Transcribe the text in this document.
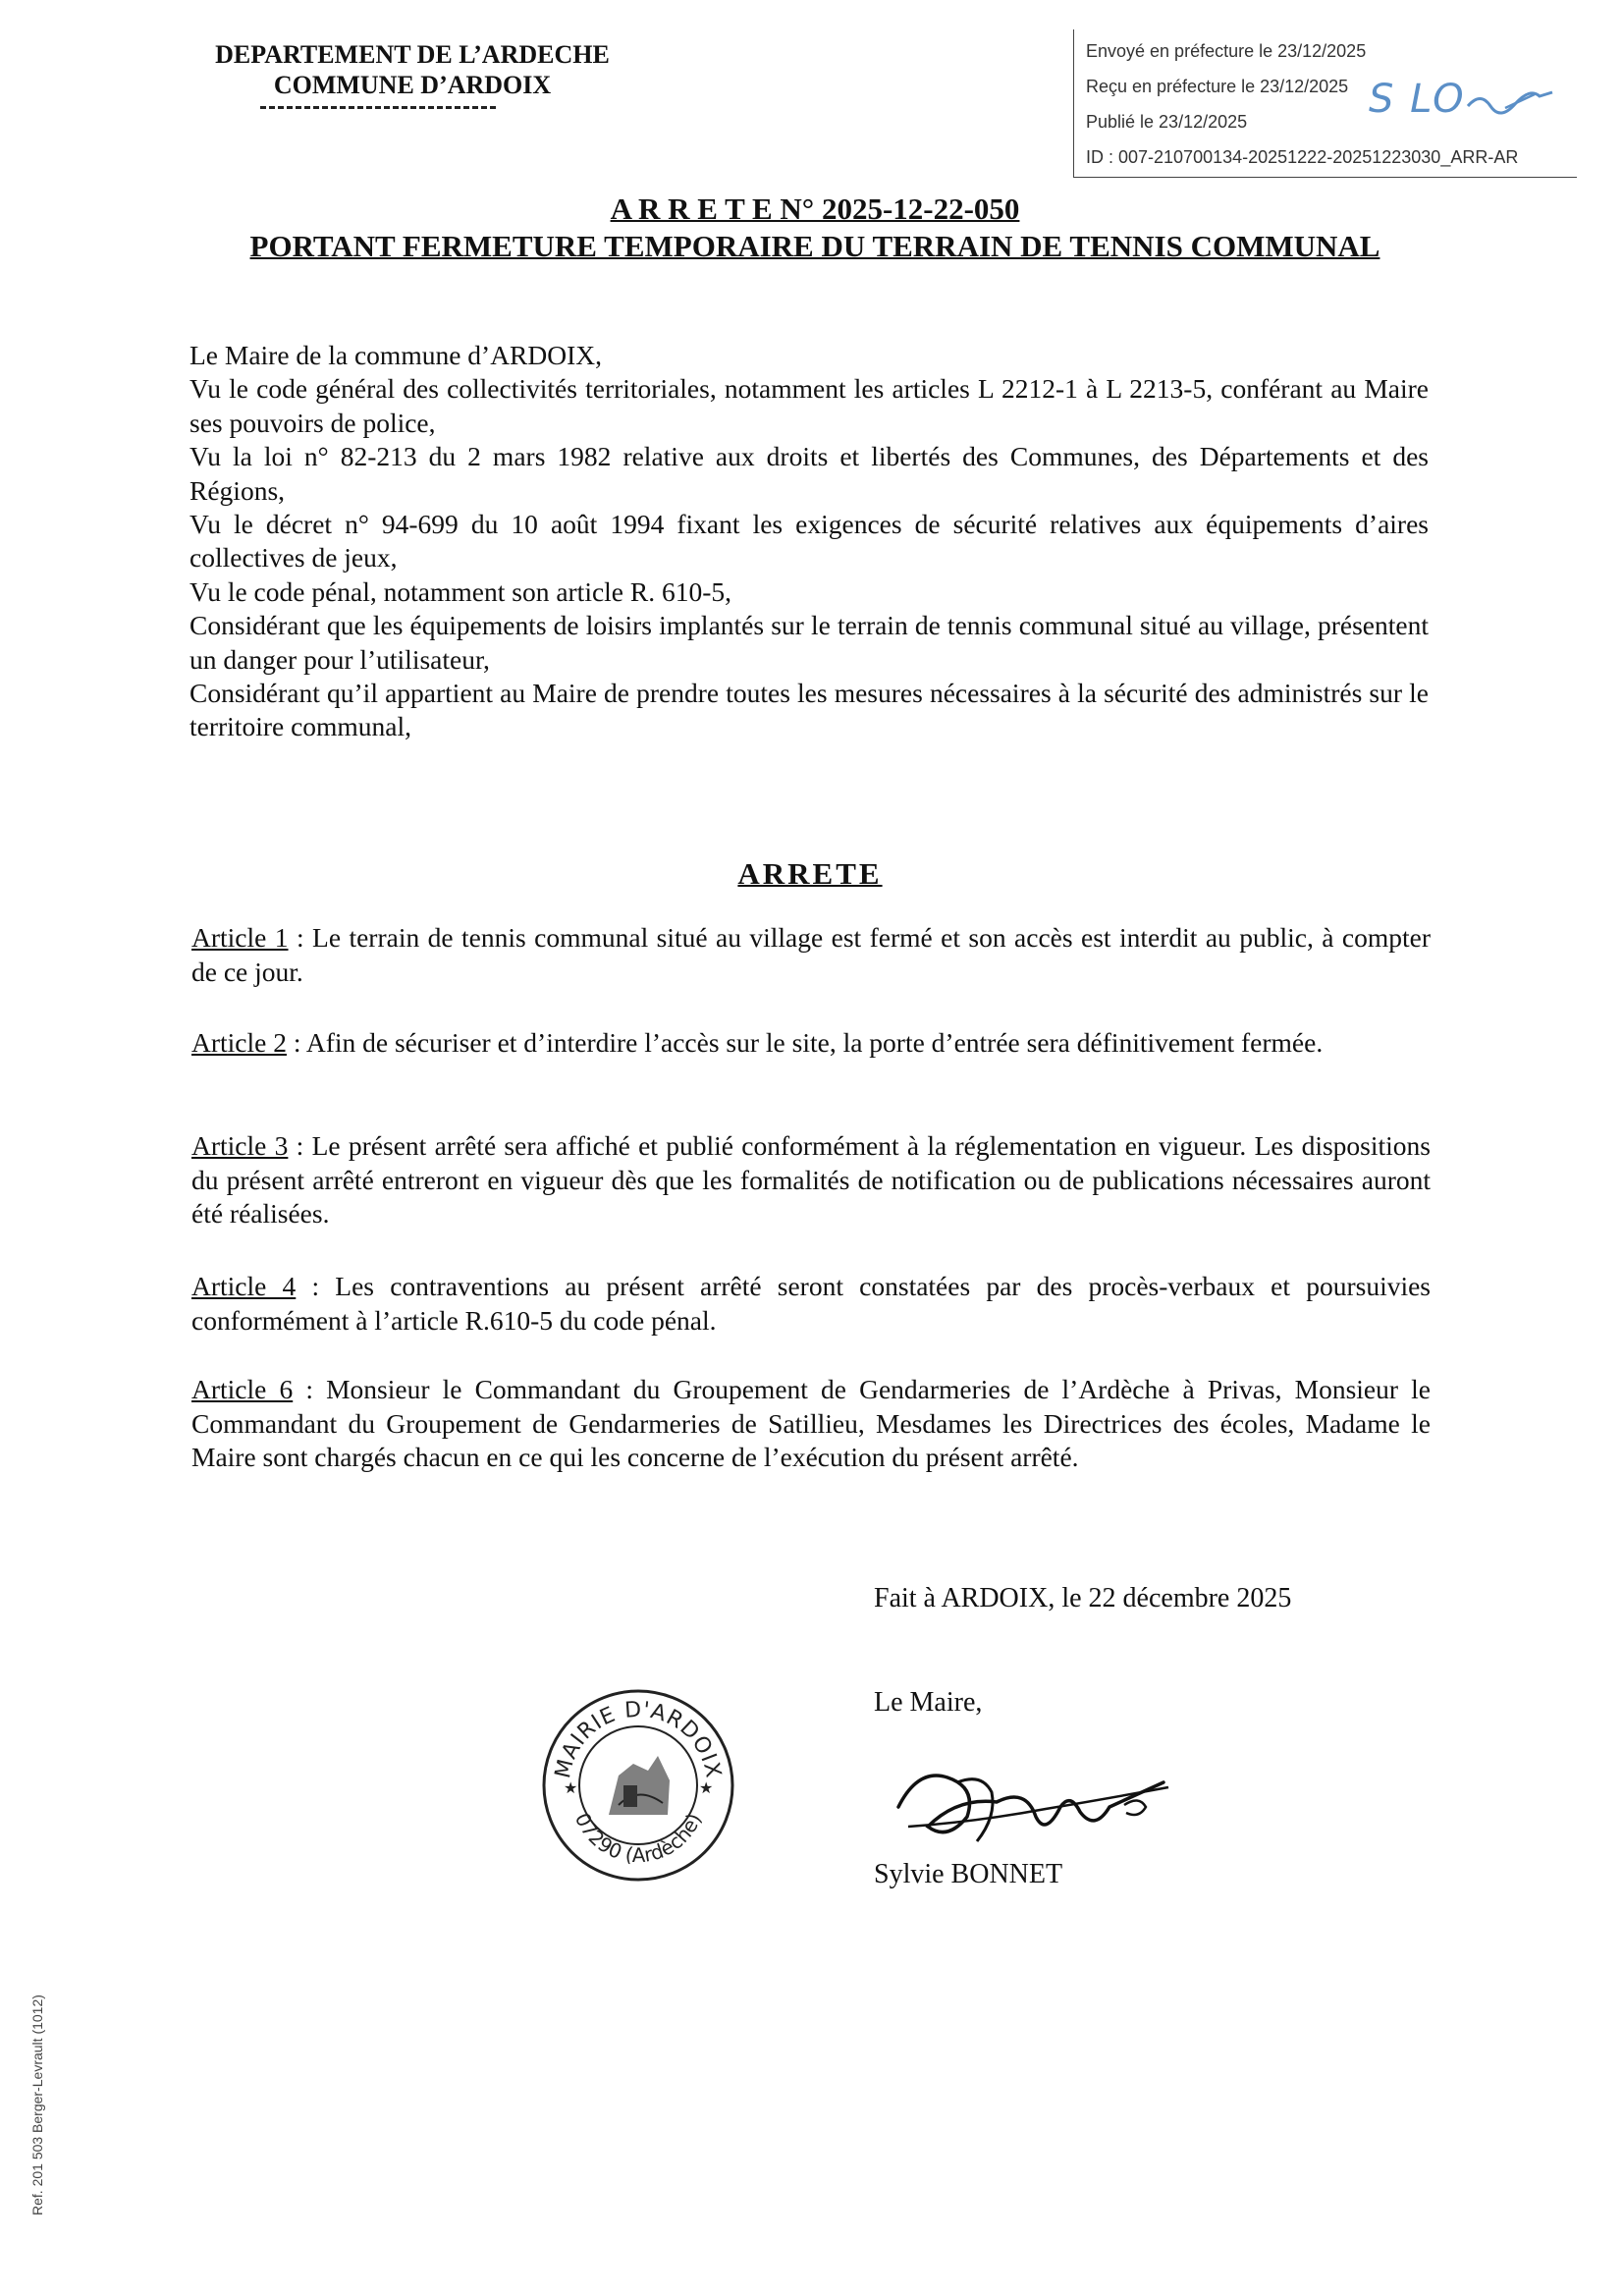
DEPARTEMENT DE L’ARDECHE
COMMUNE D’ARDOIX
Envoyé en préfecture le 23/12/2025
Reçu en préfecture le 23/12/2025
Publié le 23/12/2025
ID : 007-210700134-20251222-20251223030_ARR-AR
S LO
A R R E T E N° 2025-12-22-050
PORTANT FERMETURE TEMPORAIRE DU TERRAIN DE TENNIS COMMUNAL

Le Maire de la commune d’ARDOIX,

Vu le code général des collectivités territoriales, notamment les articles L 2212-1 à L 2213-5, conférant au Maire ses pouvoirs de police,

Vu la loi n° 82-213 du 2 mars 1982 relative aux droits et libertés des Communes, des Départements et des Régions,

Vu le décret n° 94-699 du 10 août 1994 fixant les exigences de sécurité relatives aux équipements d’aires collectives de jeux,

Vu le code pénal, notamment son article R. 610-5,

Considérant que les équipements de loisirs implantés sur le terrain de tennis communal situé au village, présentent un danger pour l’utilisateur,

Considérant qu’il appartient au Maire de prendre toutes les mesures nécessaires à la sécurité des administrés sur le territoire communal,

ARRETE

Article 1 : Le terrain de tennis communal situé au village est fermé et son accès est interdit au public, à compter de ce jour.

Article 2 : Afin de sécuriser et d’interdire l’accès sur le site, la porte d’entrée sera définitivement fermée.

Article 3 : Le présent arrêté sera affiché et publié conformément à la réglementation en vigueur. Les dispositions du présent arrêté entreront en vigueur dès que les formalités de notification ou de publications nécessaires auront été réalisées.

Article 4 : Les contraventions au présent arrêté seront constatées par des procès-verbaux et poursuivies conformément à l’article R.610-5 du code pénal.

Article 6 : Monsieur le Commandant du Groupement de Gendarmeries de l’Ardèche à Privas, Monsieur le Commandant du Groupement de Gendarmeries de Satillieu, Mesdames les Directrices des écoles, Madame le Maire sont chargés chacun en ce qui les concerne de l’exécution du présent arrêté.

Fait à ARDOIX, le 22 décembre 2025
Le Maire,
MAIRIE D'ARDOIX
07290 (Ardèche)
★	★
Sylvie BONNET
Ref. 201 503 Berger-Levrault (1012)
